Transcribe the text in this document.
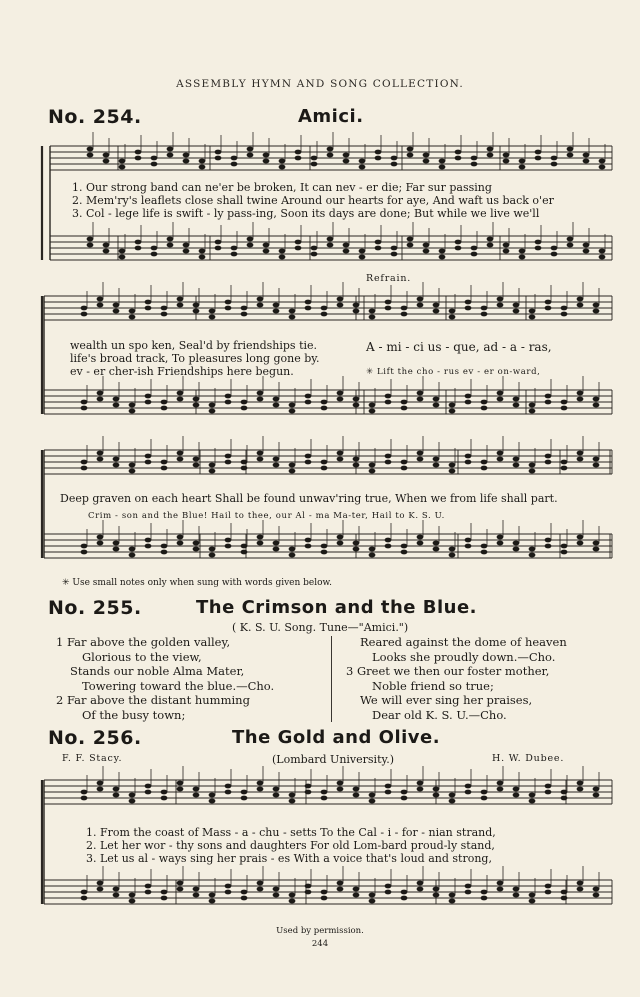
ASSEMBLY HYMN AND SONG COLLECTION.
No. 254.	Amici.
1. Our strong band can ne'er be broken, It can nev - er die; Far sur passing
2. Mem'ry's leaflets close shall twine Around our hearts for aye, And waft us back o'er
3. Col - lege life is swift - ly pass-ing, Soon its days are done; But while we live we'll
Refrain.
wealth un spo ken, Seal'd by friendships tie.
life's broad track, To pleasures long gone by.
ev - er cher-ish Friendships here begun.
A - mi - ci us - que, ad - a - ras,
✳ Lift the cho - rus ev - er on-ward,
Deep graven on each heart Shall be found unwav'ring true, When we from life shall part.
Crim - son and the Blue! Hail to thee, our Al - ma Ma-ter, Hail to K. S. U.
✳ Use small notes only when sung with words given below.
No. 255.	The Crimson and the Blue.
( K. S. U. Song. Tune—"Amici.")
1 Far above the golden valley,
Glorious to the view,
Stands our noble Alma Mater,
Towering toward the blue.—Cho.
2 Far above the distant humming
Of the busy town;
Reared against the dome of heaven
Looks she proudly down.—Cho.
3 Greet we then our foster mother,
Noble friend so true;
We will ever sing her praises,
Dear old K. S. U.—Cho.
No. 256.	The Gold and Olive.
F. F. Stacy.	(Lombard University.)	H. W. Dubee.
1. From the coast of Mass - a - chu - setts To the Cal - i - for - nian strand,
2. Let her wor - thy sons and daughters For old Lom-bard proud-ly stand,
3. Let us al - ways sing her prais - es With a voice that's loud and strong,
Used by permission.
244
